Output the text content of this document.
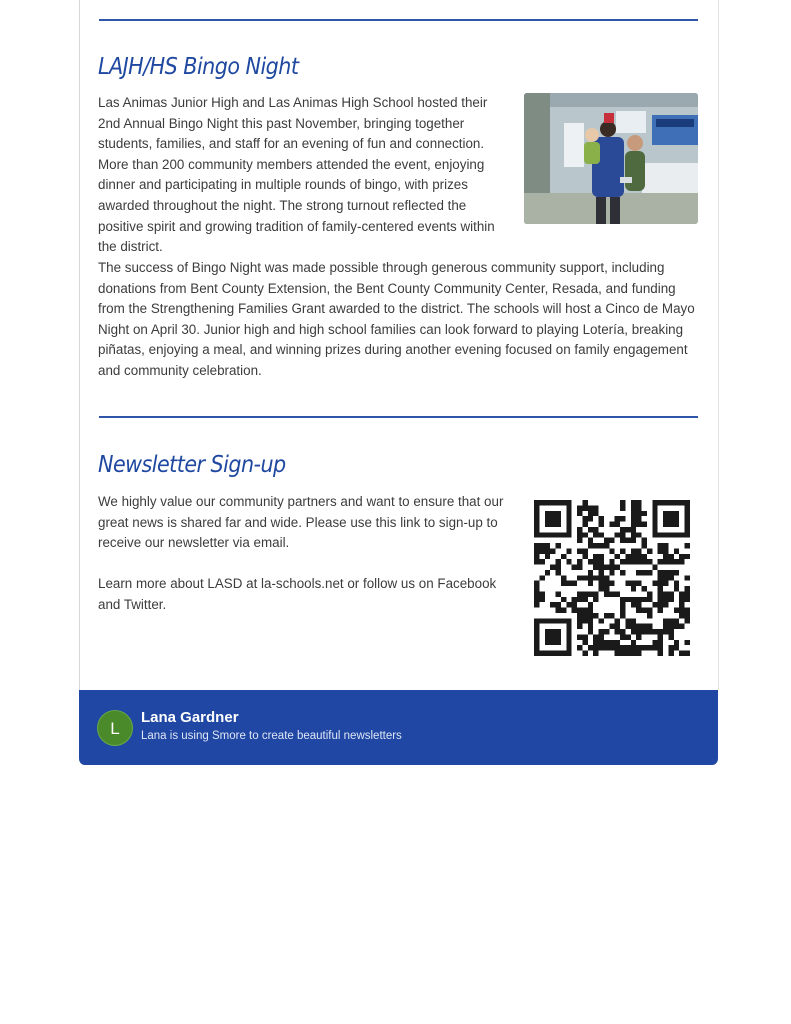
LAJH/HS Bingo Night
Las Animas Junior High and Las Animas High School hosted their 2nd Annual Bingo Night this past November, bringing together students, families, and staff for an evening of fun and connection. More than 200 community members attended the event, enjoying dinner and participating in multiple rounds of bingo, with prizes awarded throughout the night. The strong turnout reflected the positive spirit and growing tradition of family-centered events within the district.
The success of Bingo Night was made possible through generous community support, including donations from Bent County Extension, the Bent County Community Center, Resada, and funding from the Strengthening Families Grant awarded to the district. The schools will host a Cinco de Mayo Night on April 30. Junior high and high school families can look forward to playing Lotería, breaking piñatas, enjoying a meal, and winning prizes during another evening focused on family engagement and community celebration.
Newsletter Sign-up
We highly value our community partners and want to ensure that our great news is shared far and wide. Please use this link to sign-up to receive our newsletter via email.
Learn more about LASD at la-schools.net or follow us on Facebook and Twitter.
L
Lana Gardner
Lana is using Smore to create beautiful newsletters
